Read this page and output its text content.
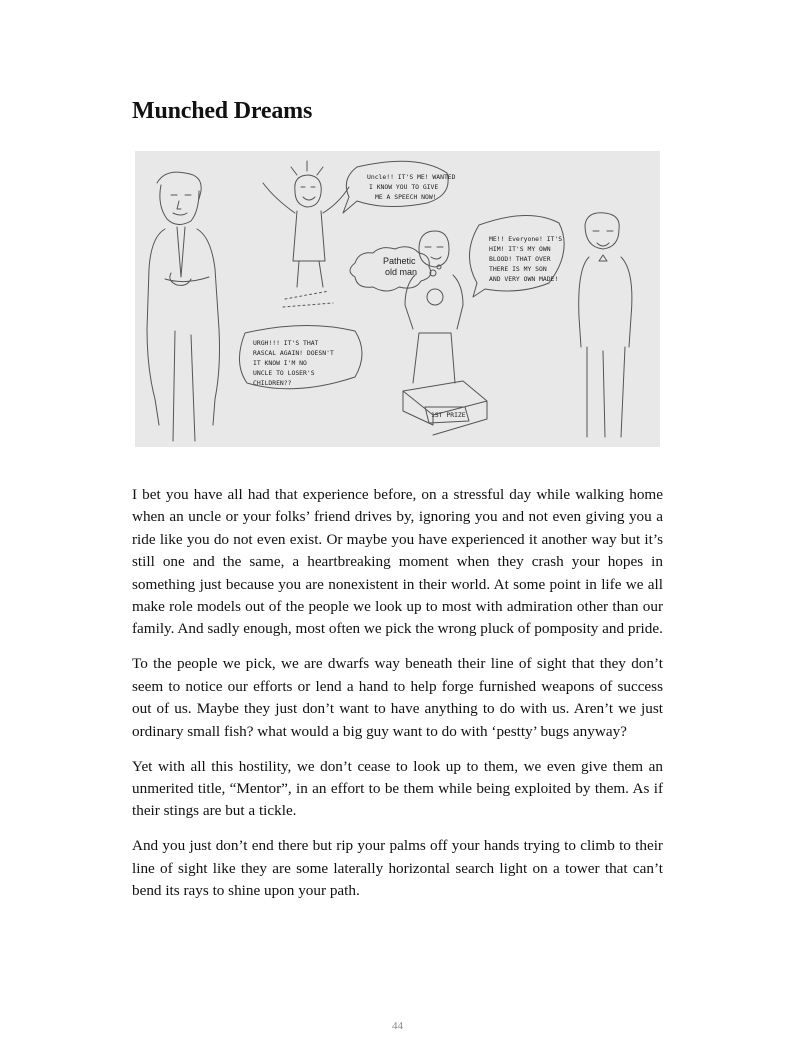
Munched Dreams
Uncle!! IT'S ME! WANTED
I KNOW YOU TO GIVE
ME A SPEECH NOW!
ME!! Everyone! IT'S
HIM! IT'S MY OWN
BLOOD! THAT OVER
THERE IS MY SON
AND VERY OWN MADE!
Pathetic
old man
URGH!!! IT'S THAT
RASCAL AGAIN! DOESN'T
IT KNOW I'M NO
UNCLE TO LOSER'S
CHILDREN??
1ST PRIZE

I bet you have all had that experience before, on a stressful day while walking home when an uncle or your folks’ friend drives by, ignoring you and not even giving you a ride like you do not even exist. Or maybe you have experienced it another way but it’s still one and the same, a heartbreaking moment when they crash your hopes in something just because you are nonexistent in their world. At some point in life we all make role models out of the people we look up to most with admiration other than our family. And sadly enough, most often we pick the wrong pluck of pomposity and pride.

To the people we pick, we are dwarfs way beneath their line of sight that they don’t seem to notice our efforts or lend a hand to help forge furnished weapons of success out of us. Maybe they just don’t want to have anything to do with us. Aren’t we just ordinary small fish? what would a big guy want to do with ‘pestty’ bugs anyway?

Yet with all this hostility, we don’t cease to look up to them, we even give them an unmerited title, “Mentor”, in an effort to be them while being exploited by them. As if their stings are but a tickle.

And you just don’t end there but rip your palms off your hands trying to climb to their line of sight like they are some laterally horizontal search light on a tower that can’t bend its rays to shine upon your path.

44
